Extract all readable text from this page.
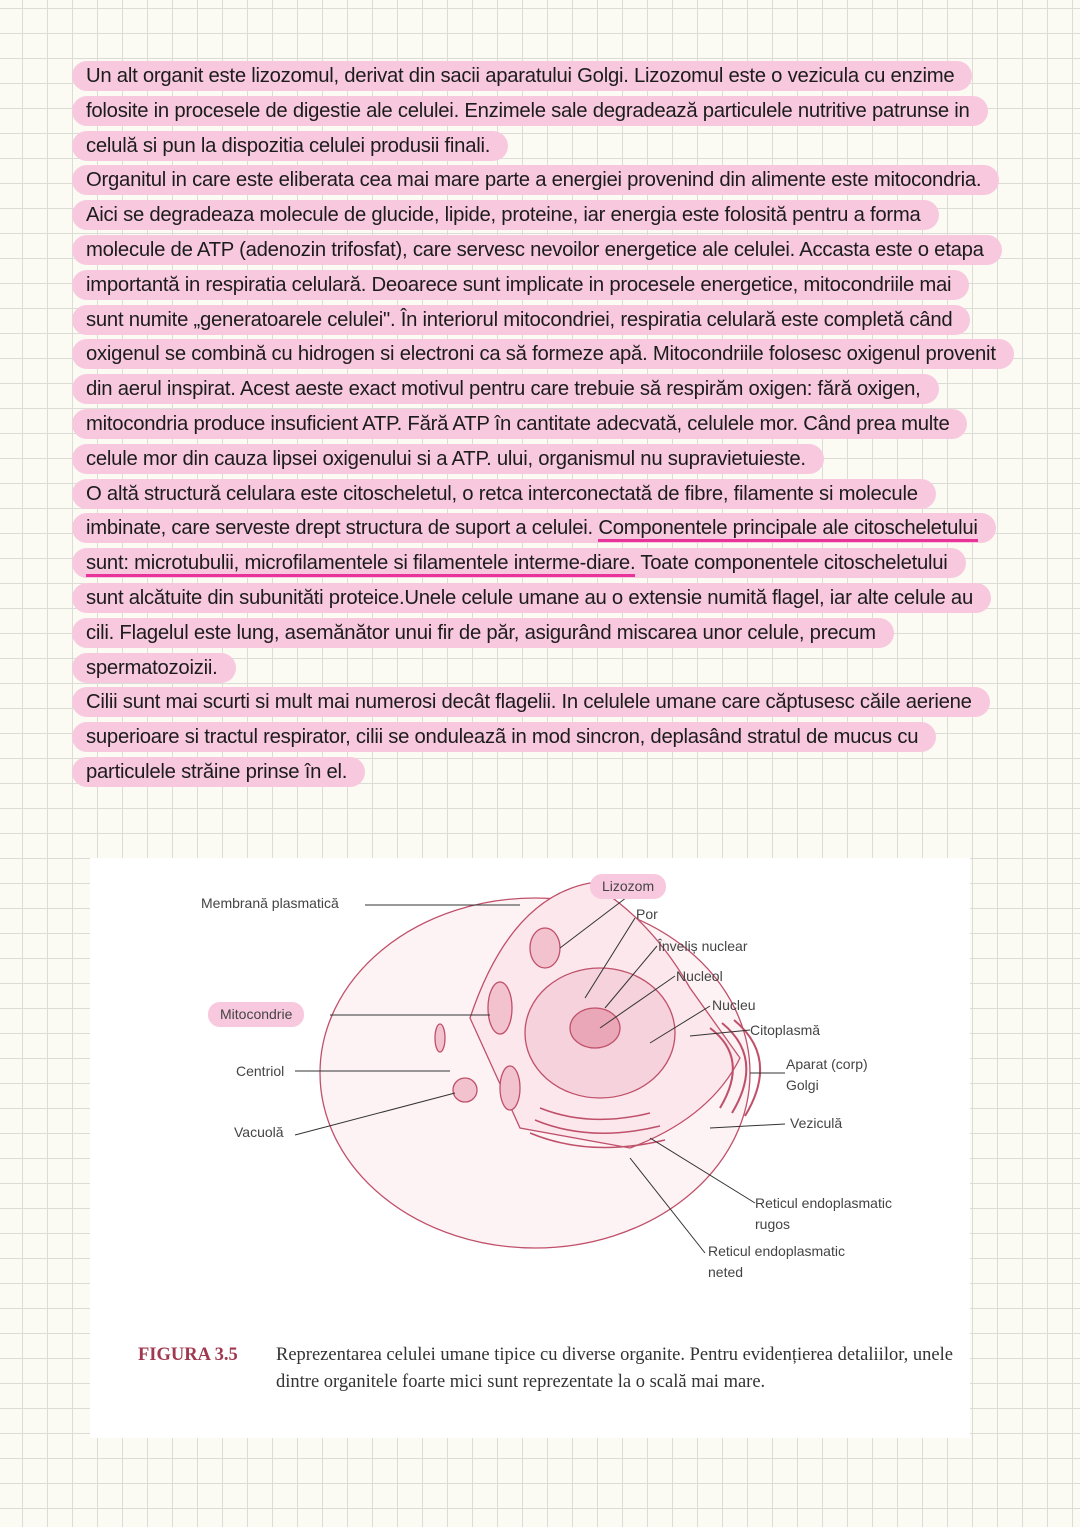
Un alt organit este lizozomul, derivat din sacii aparatului Golgi. Lizozomul este o vezicula cu enzime
folosite in procesele de digestie ale celulei. Enzimele sale degradează particulele nutritive patrunse in
celulă si pun la dispozitia celulei produsii finali.
Organitul in care este eliberata cea mai mare parte a energiei provenind din alimente este mitocondria.
Aici se degradeaza molecule de glucide, lipide, proteine, iar energia este folosită pentru a forma
molecule de ATP (adenozin trifosfat), care servesc nevoilor energetice ale celulei. Accasta este o etapa
importantă in respiratia celulară. Deoarece sunt implicate in procesele energetice, mitocondriile mai
sunt numite „generatoarele celulei". În interiorul mitocondriei, respiratia celulară este completă când
oxigenul se combină cu hidrogen si electroni ca să formeze apă. Mitocondriile folosesc oxigenul provenit
din aerul inspirat. Acest aeste exact motivul pentru care trebuie să respirăm oxigen: fără oxigen,
mitocondria produce insuficient ATP. Fără ATP în cantitate adecvată, celulele mor. Când prea multe
celule mor din cauza lipsei oxigenului si a ATP. ului, organismul nu supravietuieste.
O altă structură celulara este citoscheletul, o retca interconectată de fibre, filamente si molecule
imbinate, care serveste drept structura de suport a celulei. Componentele principale ale citoscheletului
sunt: microtubulii, microfilamentele si filamentele interme-diare. Toate componentele citoscheletului
sunt alcătuite din subunităti proteice.Unele celule umane au o extensie numită flagel, iar alte celule au
cili. Flagelul este lung, asemănător unui fir de păr, asigurând miscarea unor celule, precum
spermatozoizii.
Cilii sunt mai scurti si mult mai numerosi decât flagelii. In celulele umane care căptusesc căile aeriene
superioare si tractul respirator, cilii se onduleazã in mod sincron, deplasând stratul de mucus cu
particulele străine prinse în el.
Membrană plasmatică
Lizozom
Por
Înveliș nuclear
Nucleol
Nucleu
Citoplasmă
Mitocondrie
Centriol	Aparat (corp)
Golgi
Vacuolă
Veziculă
Reticul endoplasmatic
rugos
Reticul endoplasmatic
neted
FIGURA 3.5 Reprezentarea celulei umane tipice cu diverse organite. Pentru evidențierea detaliilor, unele dintre organitele foarte mici sunt reprezentate la o scală mai mare.
